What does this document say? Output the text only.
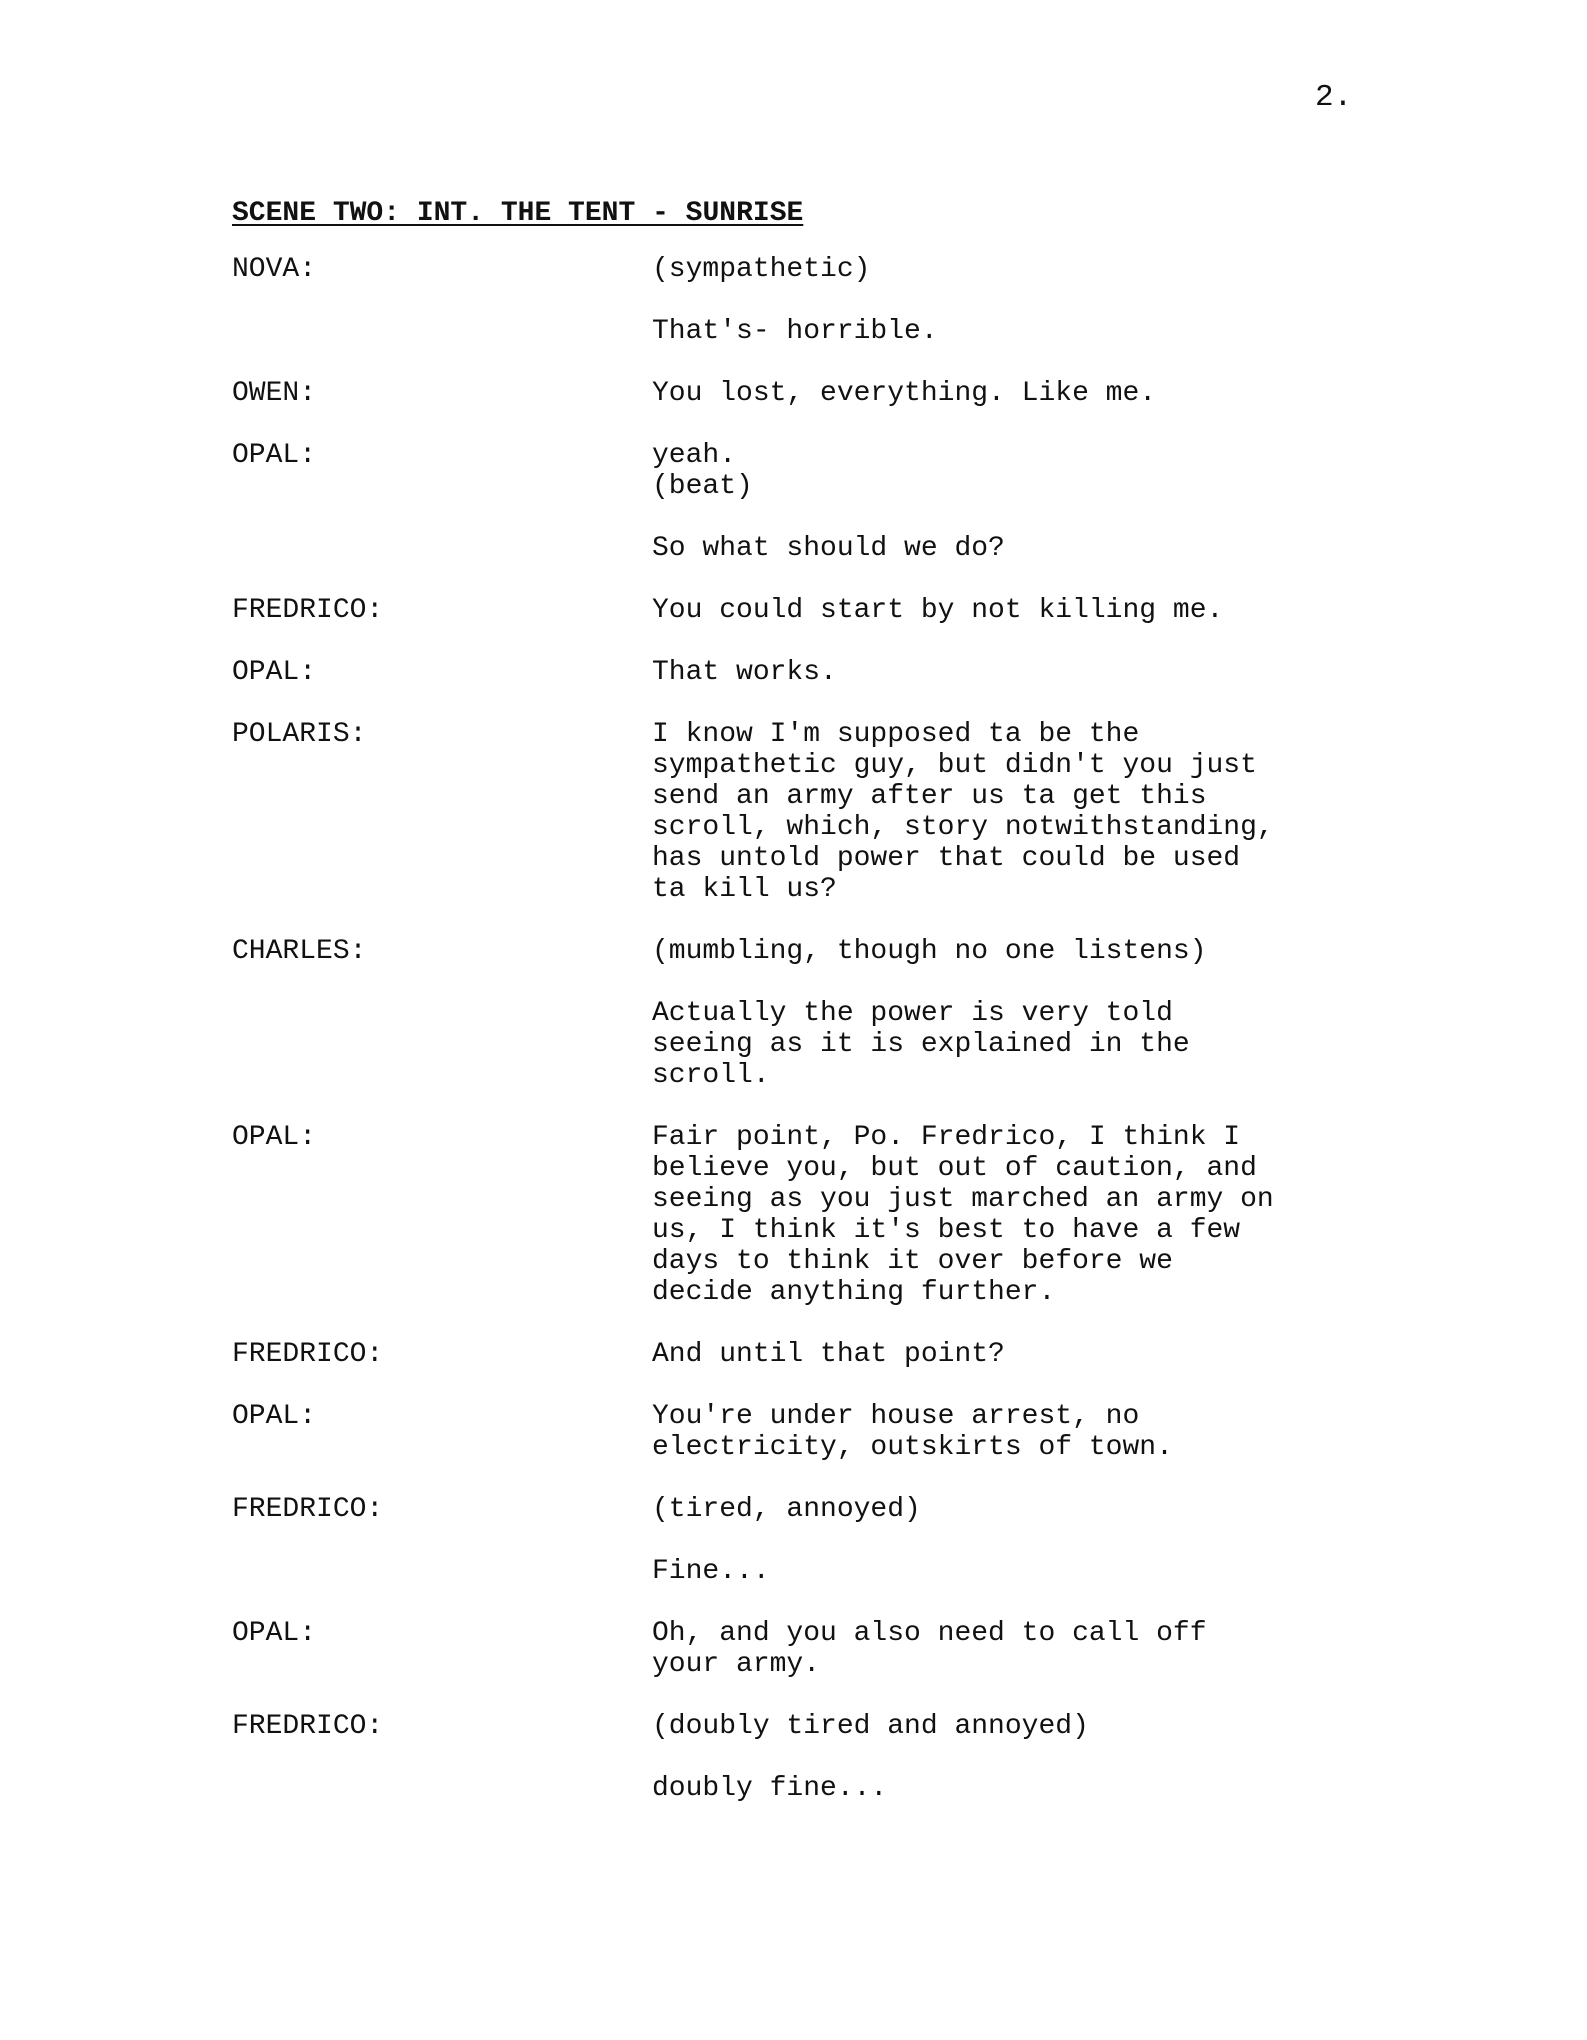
2.
SCENE TWO: INT. THE TENT - SUNRISE
NOVA:	(sympathetic)
That's- horrible.
OWEN:	You lost, everything. Like me.
OPAL:	yeah.
(beat)
So what should we do?
FREDRICO:	You could start by not killing me.
OPAL:	That works.
POLARIS:	I know I'm supposed ta be the
sympathetic guy, but didn't you just
send an army after us ta get this
scroll, which, story notwithstanding,
has untold power that could be used
ta kill us?
CHARLES:	(mumbling, though no one listens)
Actually the power is very told
seeing as it is explained in the
scroll.
OPAL:	Fair point, Po. Fredrico, I think I
believe you, but out of caution, and
seeing as you just marched an army on
us, I think it's best to have a few
days to think it over before we
decide anything further.
FREDRICO:	And until that point?
OPAL:	You're under house arrest, no
electricity, outskirts of town.
FREDRICO:	(tired, annoyed)
Fine...
OPAL:	Oh, and you also need to call off
your army.
FREDRICO:	(doubly tired and annoyed)
doubly fine...
